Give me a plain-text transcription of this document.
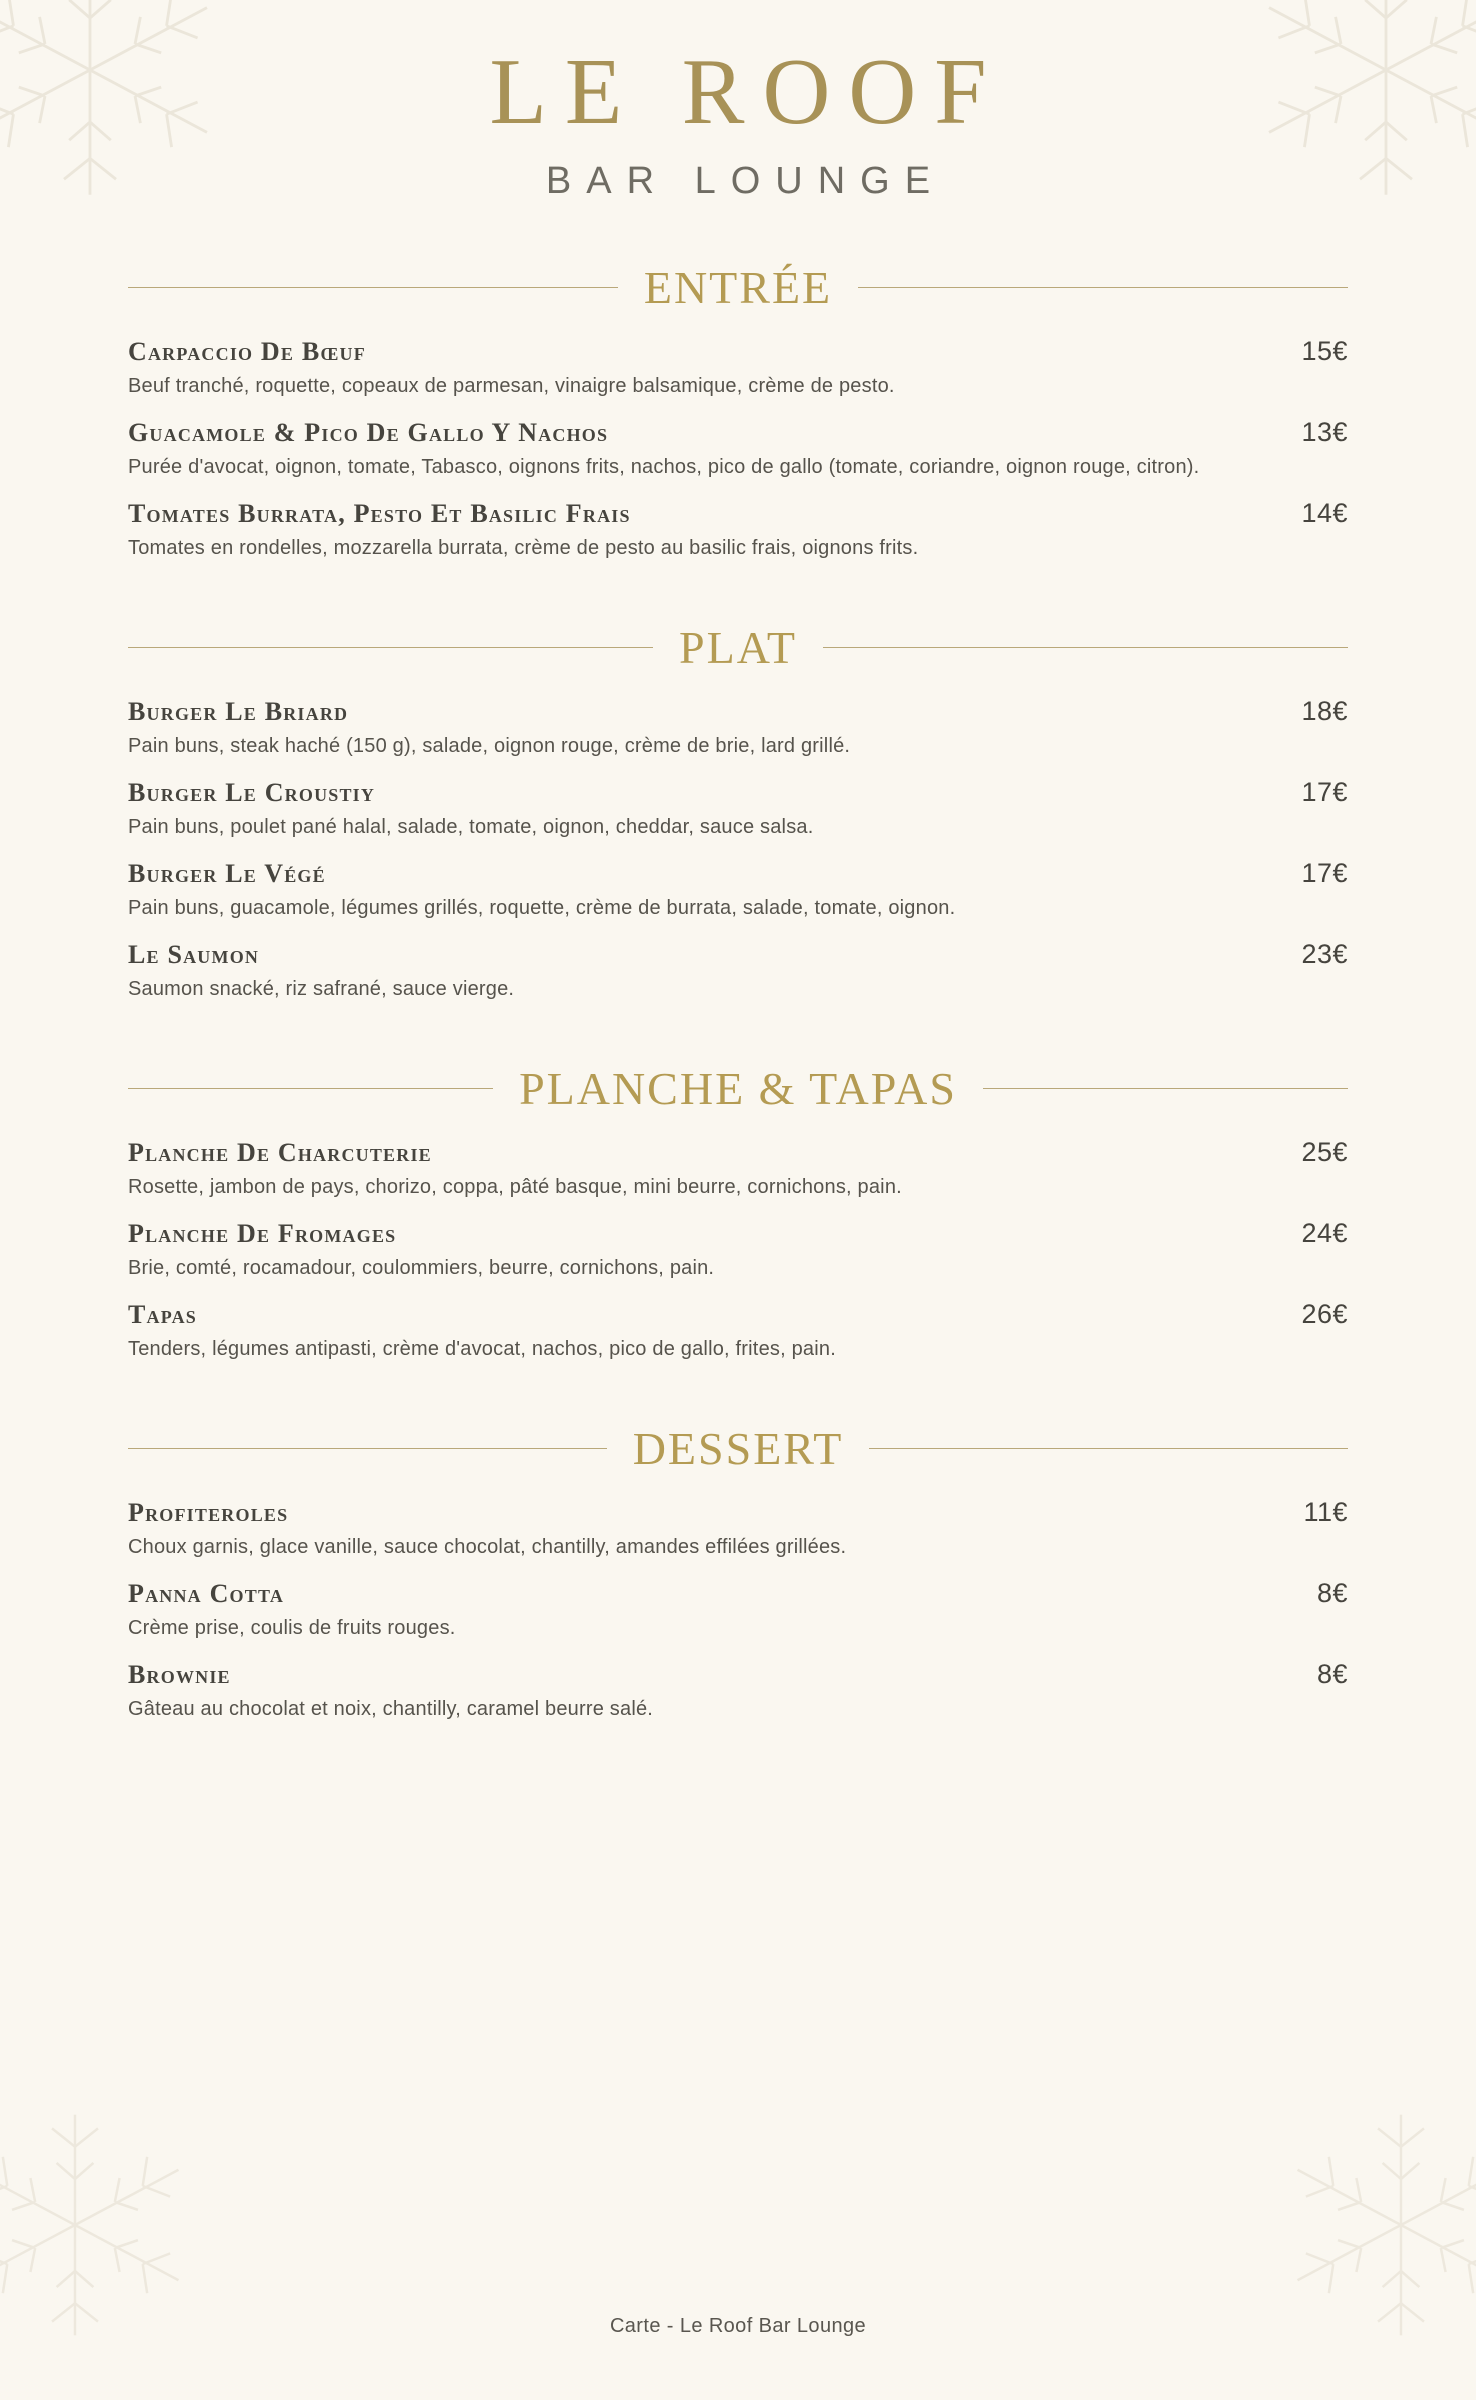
LE ROOF
BAR LOUNGE
ENTRÉE
Carpaccio De Bœuf	15€
Beuf tranché, roquette, copeaux de parmesan, vinaigre balsamique, crème de pesto.
Guacamole & Pico De Gallo Y Nachos	13€
Purée d'avocat, oignon, tomate, Tabasco, oignons frits, nachos, pico de gallo (tomate, coriandre, oignon rouge, citron).
Tomates Burrata, Pesto Et Basilic Frais	14€
Tomates en rondelles, mozzarella burrata, crème de pesto au basilic frais, oignons frits.
PLAT
Burger Le Briard	18€
Pain buns, steak haché (150 g), salade, oignon rouge, crème de brie, lard grillé.
Burger Le Croustiy	17€
Pain buns, poulet pané halal, salade, tomate, oignon, cheddar, sauce salsa.
Burger Le Végé	17€
Pain buns, guacamole, légumes grillés, roquette, crème de burrata, salade, tomate, oignon.
Le Saumon	23€
Saumon snacké, riz safrané, sauce vierge.
PLANCHE & TAPAS
Planche De Charcuterie	25€
Rosette, jambon de pays, chorizo, coppa, pâté basque, mini beurre, cornichons, pain.
Planche De Fromages	24€
Brie, comté, rocamadour, coulommiers, beurre, cornichons, pain.
Tapas	26€
Tenders, légumes antipasti, crème d'avocat, nachos, pico de gallo, frites, pain.
DESSERT
Profiteroles	11€
Choux garnis, glace vanille, sauce chocolat, chantilly, amandes effilées grillées.
Panna Cotta	8€
Crème prise, coulis de fruits rouges.
Brownie	8€
Gâteau au chocolat et noix, chantilly, caramel beurre salé.
Carte - Le Roof Bar Lounge
